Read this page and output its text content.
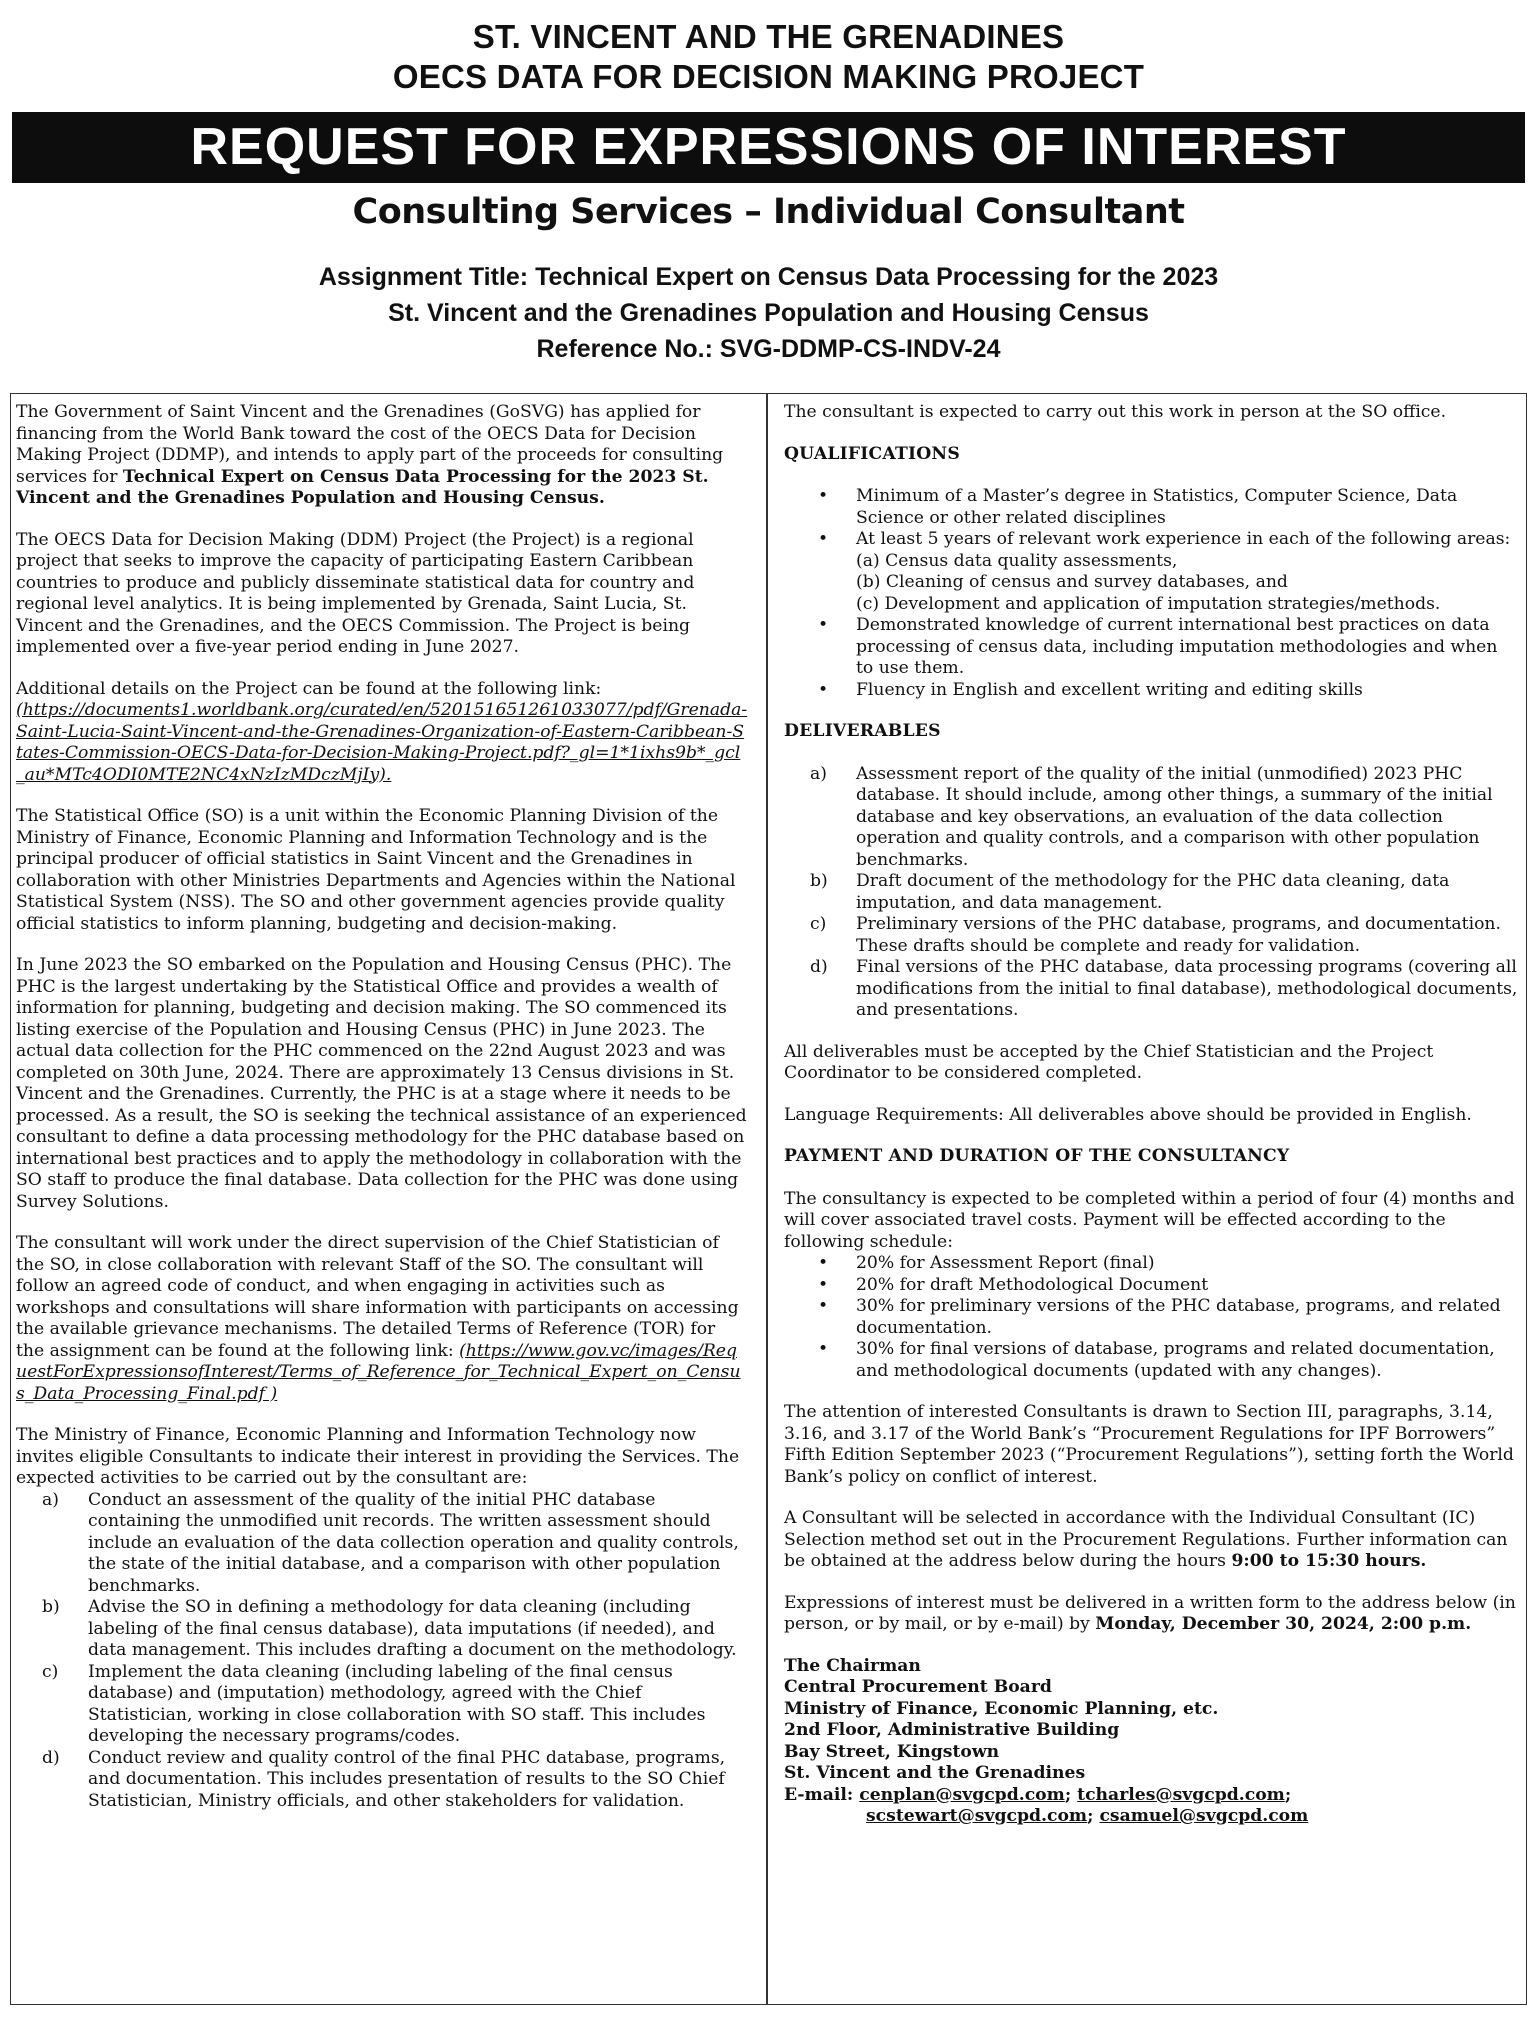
ST. VINCENT AND THE GRENADINES
OECS DATA FOR DECISION MAKING PROJECT
REQUEST FOR EXPRESSIONS OF INTEREST
Consulting Services – Individual Consultant
Assignment Title: Technical Expert on Census Data Processing for the 2023
St. Vincent and the Grenadines Population and Housing Census
Reference No.: SVG-DDMP-CS-INDV-24
The Government of Saint Vincent and the Grenadines (GoSVG) has applied for financing from the World Bank toward the cost of the OECS Data for Decision Making Project (DDMP), and intends to apply part of the proceeds for consulting services for Technical Expert on Census Data Processing for the 2023 St. Vincent and the Grenadines Population and Housing Census.
The OECS Data for Decision Making (DDM) Project (the Project) is a regional project that seeks to improve the capacity of participating Eastern Caribbean countries to produce and publicly disseminate statistical data for country and regional level analytics. It is being implemented by Grenada, Saint Lucia, St. Vincent and the Grenadines, and the OECS Commission. The Project is being implemented over a five-year period ending in June 2027.
Additional details on the Project can be found at the following link:
(https://documents1.worldbank.org/curated/en/520151651261033077/pdf/Grenada-Saint-Lucia-Saint-Vincent-and-the-Grenadines-Organization-of-Eastern-Caribbean-States-Commission-OECS-Data-for-Decision-Making-Project.pdf?_gl=1*1ixhs9b*_gcl_au*MTc4ODI0MTE2NC4xNzIzMDczMjIy).
The Statistical Office (SO) is a unit within the Economic Planning Division of the Ministry of Finance, Economic Planning and Information Technology and is the principal producer of official statistics in Saint Vincent and the Grenadines in collaboration with other Ministries Departments and Agencies within the National Statistical System (NSS). The SO and other government agencies provide quality official statistics to inform planning, budgeting and decision-making.
In June 2023 the SO embarked on the Population and Housing Census (PHC). The PHC is the largest undertaking by the Statistical Office and provides a wealth of information for planning, budgeting and decision making. The SO commenced its listing exercise of the Population and Housing Census (PHC) in June 2023. The actual data collection for the PHC commenced on the 22nd August 2023 and was completed on 30th June, 2024. There are approximately 13 Census divisions in St. Vincent and the Grenadines. Currently, the PHC is at a stage where it needs to be processed. As a result, the SO is seeking the technical assistance of an experienced consultant to define a data processing methodology for the PHC database based on international best practices and to apply the methodology in collaboration with the SO staff to produce the final database. Data collection for the PHC was done using Survey Solutions.
The consultant will work under the direct supervision of the Chief Statistician of the SO, in close collaboration with relevant Staff of the SO. The consultant will follow an agreed code of conduct, and when engaging in activities such as workshops and consultations will share information with participants on accessing the available grievance mechanisms. The detailed Terms of Reference (TOR) for the assignment can be found at the following link: (https://www.gov.vc/images/RequestForExpressionsofInterest/Terms_of_Reference_for_Technical_Expert_on_Census_Data_Processing_Final.pdf )
The Ministry of Finance, Economic Planning and Information Technology now invites eligible Consultants to indicate their interest in providing the Services. The expected activities to be carried out by the consultant are:
a)	Conduct an assessment of the quality of the initial PHC database containing the unmodified unit records. The written assessment should include an evaluation of the data collection operation and quality controls, the state of the initial database, and a comparison with other population benchmarks.
b)	Advise the SO in defining a methodology for data cleaning (including labeling of the final census database), data imputations (if needed), and data management. This includes drafting a document on the methodology.
c)	Implement the data cleaning (including labeling of the final census database) and (imputation) methodology, agreed with the Chief Statistician, working in close collaboration with SO staff. This includes developing the necessary programs/codes.
d)	Conduct review and quality control of the final PHC database, programs, and documentation. This includes presentation of results to the SO Chief Statistician, Ministry officials, and other stakeholders for validation.
The consultant is expected to carry out this work in person at the SO office.
QUALIFICATIONS
•	Minimum of a Master’s degree in Statistics, Computer Science, Data Science or other related disciplines
•	At least 5 years of relevant work experience in each of the following areas:
(a) Census data quality assessments,
(b) Cleaning of census and survey databases, and
(c) Development and application of imputation strategies/methods.
•	Demonstrated knowledge of current international best practices on data processing of census data, including imputation methodologies and when to use them.
•	Fluency in English and excellent writing and editing skills
DELIVERABLES
a)	Assessment report of the quality of the initial (unmodified) 2023 PHC database. It should include, among other things, a summary of the initial database and key observations, an evaluation of the data collection operation and quality controls, and a comparison with other population benchmarks.
b)	Draft document of the methodology for the PHC data cleaning, data imputation, and data management.
c)	Preliminary versions of the PHC database, programs, and documentation. These drafts should be complete and ready for validation.
d)	Final versions of the PHC database, data processing programs (covering all modifications from the initial to final database), methodological documents, and presentations.
All deliverables must be accepted by the Chief Statistician and the Project Coordinator to be considered completed.
Language Requirements: All deliverables above should be provided in English.
PAYMENT AND DURATION OF THE CONSULTANCY
The consultancy is expected to be completed within a period of four (4) months and will cover associated travel costs. Payment will be effected according to the following schedule:
•	20% for Assessment Report (final)
•	20% for draft Methodological Document
•	30% for preliminary versions of the PHC database, programs, and related documentation.
•	30% for final versions of database, programs and related documentation, and methodological documents (updated with any changes).
The attention of interested Consultants is drawn to Section III, paragraphs, 3.14, 3.16, and 3.17 of the World Bank’s “Procurement Regulations for IPF Borrowers” Fifth Edition September 2023 (“Procurement Regulations”), setting forth the World Bank’s policy on conflict of interest.
A Consultant will be selected in accordance with the Individual Consultant (IC) Selection method set out in the Procurement Regulations. Further information can be obtained at the address below during the hours 9:00 to 15:30 hours.
Expressions of interest must be delivered in a written form to the address below (in person, or by mail, or by e-mail) by Monday, December 30, 2024, 2:00 p.m.
The Chairman
Central Procurement Board
Ministry of Finance, Economic Planning, etc.
2nd Floor, Administrative Building
Bay Street, Kingstown
St. Vincent and the Grenadines
E-mail: cenplan@svgcpd.com; tcharles@svgcpd.com;
scstewart@svgcpd.com; csamuel@svgcpd.com
